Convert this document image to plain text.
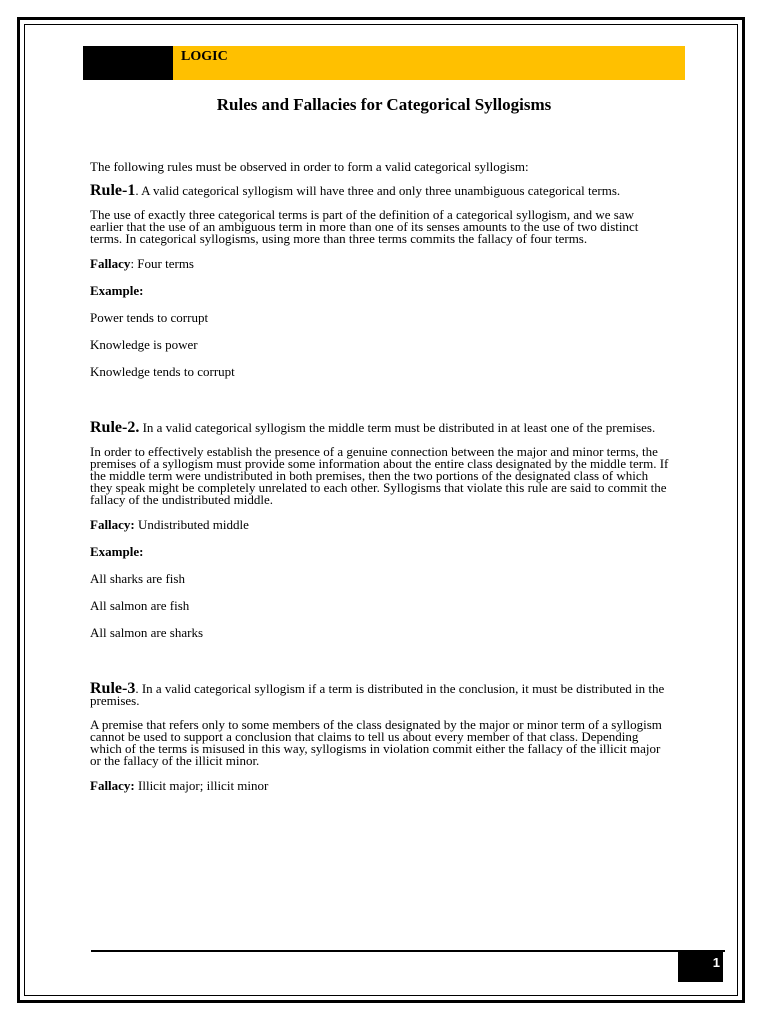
LOGIC
Rules and Fallacies for Categorical Syllogisms

The following rules must be observed in order to form a valid categorical syllogism:

Rule-1. A valid categorical syllogism will have three and only three unambiguous categorical terms.

The use of exactly three categorical terms is part of the definition of a categorical syllogism, and we saw earlier that the use of an ambiguous term in more than one of its senses amounts to the use of two distinct terms. In categorical syllogisms, using more than three terms commits the fallacy of four terms.

Fallacy: Four terms

Example:

Power tends to corrupt

Knowledge is power

Knowledge tends to corrupt

Rule-2. In a valid categorical syllogism the middle term must be distributed in at least one of the premises.

In order to effectively establish the presence of a genuine connection between the major and minor terms, the premises of a syllogism must provide some information about the entire class designated by the middle term. If the middle term were undistributed in both premises, then the two portions of the designated class of which they speak might be completely unrelated to each other. Syllogisms that violate this rule are said to commit the fallacy of the undistributed middle.

Fallacy: Undistributed middle

Example:

All sharks are fish

All salmon are fish

All salmon are sharks

Rule-3. In a valid categorical syllogism if a term is distributed in the conclusion, it must be distributed in the premises.

A premise that refers only to some members of the class designated by the major or minor term of a syllogism cannot be used to support a conclusion that claims to tell us about every member of that class. Depending which of the terms is misused in this way, syllogisms in violation commit either the fallacy of the illicit major or the fallacy of the illicit minor.

Fallacy: Illicit major; illicit minor

1
